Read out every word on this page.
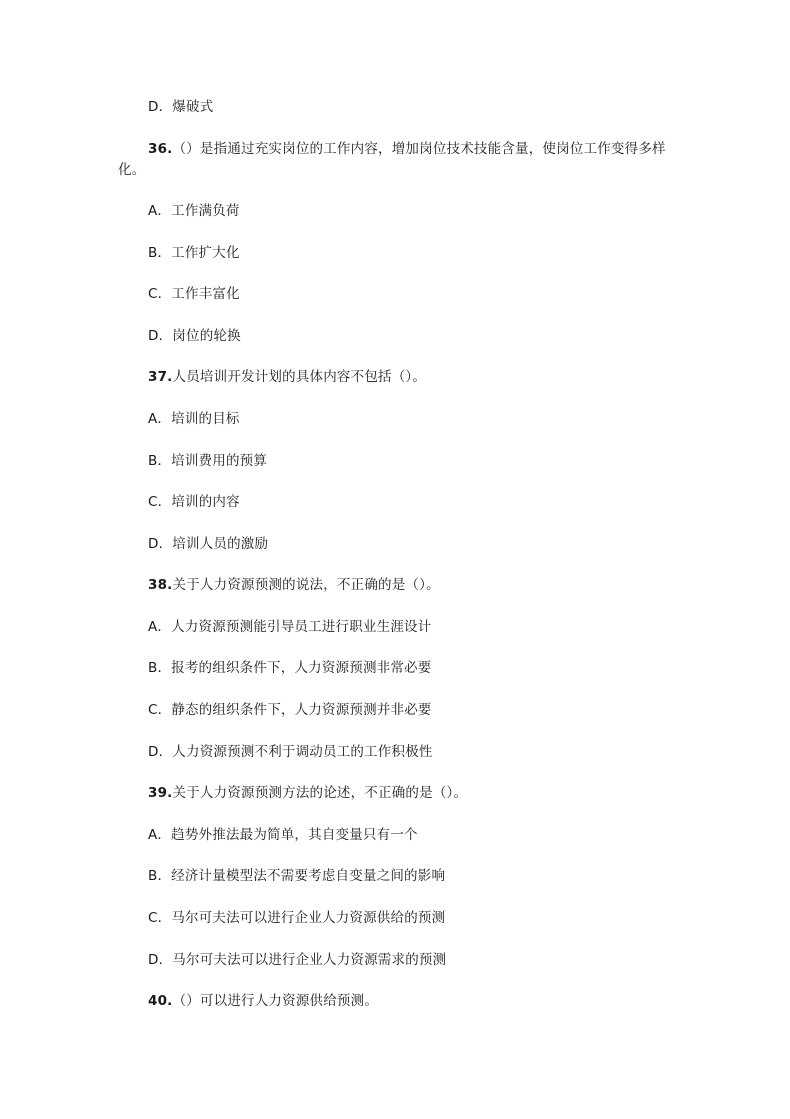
D．爆破式
36.（）是指通过充实岗位的工作内容，增加岗位技术技能含量，使岗位工作变得多样
化。
A．工作满负荷
B．工作扩大化
C．工作丰富化
D．岗位的轮换
37.人员培训开发计划的具体内容不包括（）。
A．培训的目标
B．培训费用的预算
C．培训的内容
D．培训人员的激励
38.关于人力资源预测的说法，不正确的是（）。
A．人力资源预测能引导员工进行职业生涯设计
B．报考的组织条件下，人力资源预测非常必要
C．静态的组织条件下，人力资源预测并非必要
D．人力资源预测不利于调动员工的工作积极性
39.关于人力资源预测方法的论述，不正确的是（）。
A．趋势外推法最为简单，其自变量只有一个
B．经济计量模型法不需要考虑自变量之间的影响
C．马尔可夫法可以进行企业人力资源供给的预测
D．马尔可夫法可以进行企业人力资源需求的预测
40.（）可以进行人力资源供给预测。
